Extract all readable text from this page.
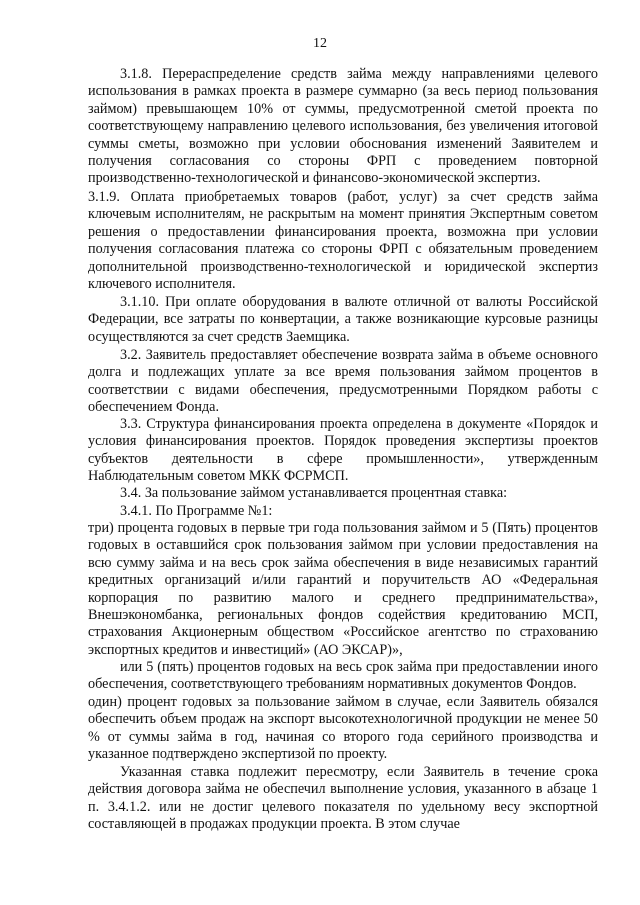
12

3.1.8. Перераспределение средств займа между направлениями целевого использования в рамках проекта в размере суммарно (за весь период пользования займом) превышающем 10% от суммы, предусмотренной сметой проекта по соответствующему направлению целевого использования, без увеличения итоговой суммы сметы, возможно при условии обоснования изменений Заявителем и получения согласования со стороны ФРП с проведением повторной производственно-технологической и финансово-экономической экспертиз.

3.1.9. Оплата приобретаемых товаров (работ, услуг) за счет средств займа ключевым исполнителям, не раскрытым на момент принятия Экспертным советом решения о предоставлении финансирования проекта, возможна при условии получения согласования платежа со стороны ФРП с обязательным проведением дополнительной производственно-технологической и юридической экспертиз ключевого исполнителя.

3.1.10. При оплате оборудования в валюте отличной от валюты Российской Федерации, все затраты по конвертации, а также возникающие курсовые разницы осуществляются за счет средств Заемщика.

3.2. Заявитель предоставляет обеспечение возврата займа в объеме основного долга и подлежащих уплате за все время пользования займом процентов в соответствии с видами обеспечения, предусмотренными Порядком работы с обеспечением Фонда.

3.3. Структура финансирования проекта определена в документе «Порядок и условия финансирования проектов. Порядок проведения экспертизы проектов субъектов деятельности в сфере промышленности», утвержденным Наблюдательным советом МКК ФСРМСП.

3.4. За пользование займом устанавливается процентная ставка:

3.4.1. По Программе №1:

три) процента годовых в первые три года пользования займом и 5 (Пять) процентов годовых в оставшийся срок пользования займом при условии предоставления на всю сумму займа и на весь срок займа обеспечения в виде независимых гарантий кредитных организаций и/или гарантий и поручительств АО «Федеральная корпорация по развитию малого и среднего предпринимательства», Внешэкономбанка, региональных фондов содействия кредитованию МСП, страхования Акционерным обществом «Российское агентство по страхованию экспортных кредитов и инвестиций» (АО ЭКСАР)»,

или 5 (пять) процентов годовых на весь срок займа при предоставлении иного обеспечения, соответствующего требованиям нормативных документов Фондов.

один) процент годовых за пользование займом в случае, если Заявитель обязался обеспечить объем продаж на экспорт высокотехнологичной продукции не менее 50 % от суммы займа в год, начиная со второго года серийного производства и указанное подтверждено экспертизой по проекту.

Указанная ставка подлежит пересмотру, если Заявитель в течение срока действия договора займа не обеспечил выполнение условия, указанного в абзаце 1 п. 3.4.1.2. или не достиг целевого показателя по удельному весу экспортной составляющей в продажах продукции проекта. В этом случае
